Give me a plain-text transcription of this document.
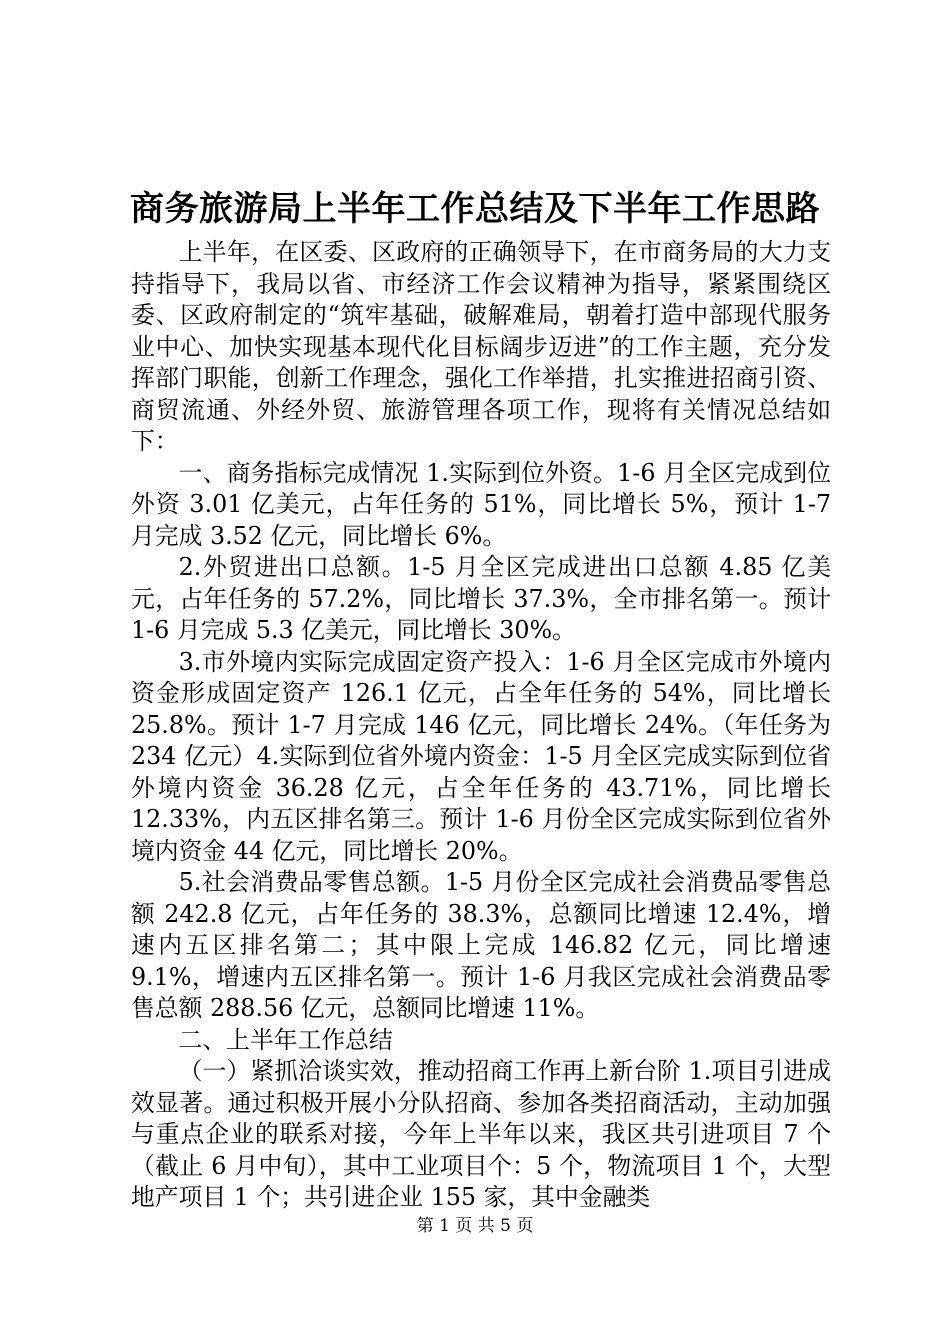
商务旅游局上半年工作总结及下半年工作思路

上半年，在区委、区政府的正确领导下，在市商务局的大力支持指导下，我局以省、市经济工作会议精神为指导，紧紧围绕区委、区政府制定的“筑牢基础，破解难局，朝着打造中部现代服务业中心、加快实现基本现代化目标阔步迈进”的工作主题，充分发挥部门职能，创新工作理念，强化工作举措，扎实推进招商引资、商贸流通、外经外贸、旅游管理各项工作，现将有关情况总结如下：

一、商务指标完成情况 1.实际到位外资。1-6 月全区完成到位外资 3.01 亿美元，占年任务的 51%，同比增长 5%，预计 1-7 月完成 3.52 亿元，同比增长 6%。

2.外贸进出口总额。1-5 月全区完成进出口总额 4.85 亿美元，占年任务的 57.2%，同比增长 37.3%，全市排名第一。预计 1-6 月完成 5.3 亿美元，同比增长 30%。

3.市外境内实际完成固定资产投入：1-6 月全区完成市外境内资金形成固定资产 126.1 亿元，占全年任务的 54%，同比增长 25.8%。预计 1-7 月完成 146 亿元，同比增长 24%。（年任务为 234 亿元）4.实际到位省外境内资金：1-5 月全区完成实际到位省外境内资金 36.28 亿元，占全年任务的 43.71%，同比增长 12.33%，内五区排名第三。预计 1-6 月份全区完成实际到位省外境内资金 44 亿元，同比增长 20%。

5.社会消费品零售总额。1-5 月份全区完成社会消费品零售总额 242.8 亿元，占年任务的 38.3%，总额同比增速 12.4%，增速内五区排名第二；其中限上完成 146.82 亿元，同比增速 9.1%，增速内五区排名第一。预计 1-6 月我区完成社会消费品零售总额 288.56 亿元，总额同比增速 11%。

二、上半年工作总结

（一）紧抓洽谈实效，推动招商工作再上新台阶 1.项目引进成效显著。通过积极开展小分队招商、参加各类招商活动，主动加强与重点企业的联系对接，今年上半年以来，我区共引进项目 7 个（截止 6 月中旬），其中工业项目个：5 个，物流项目 1 个，大型地产项目 1 个；共引进企业 155 家，其中金融类

第 1 页 共 5 页
